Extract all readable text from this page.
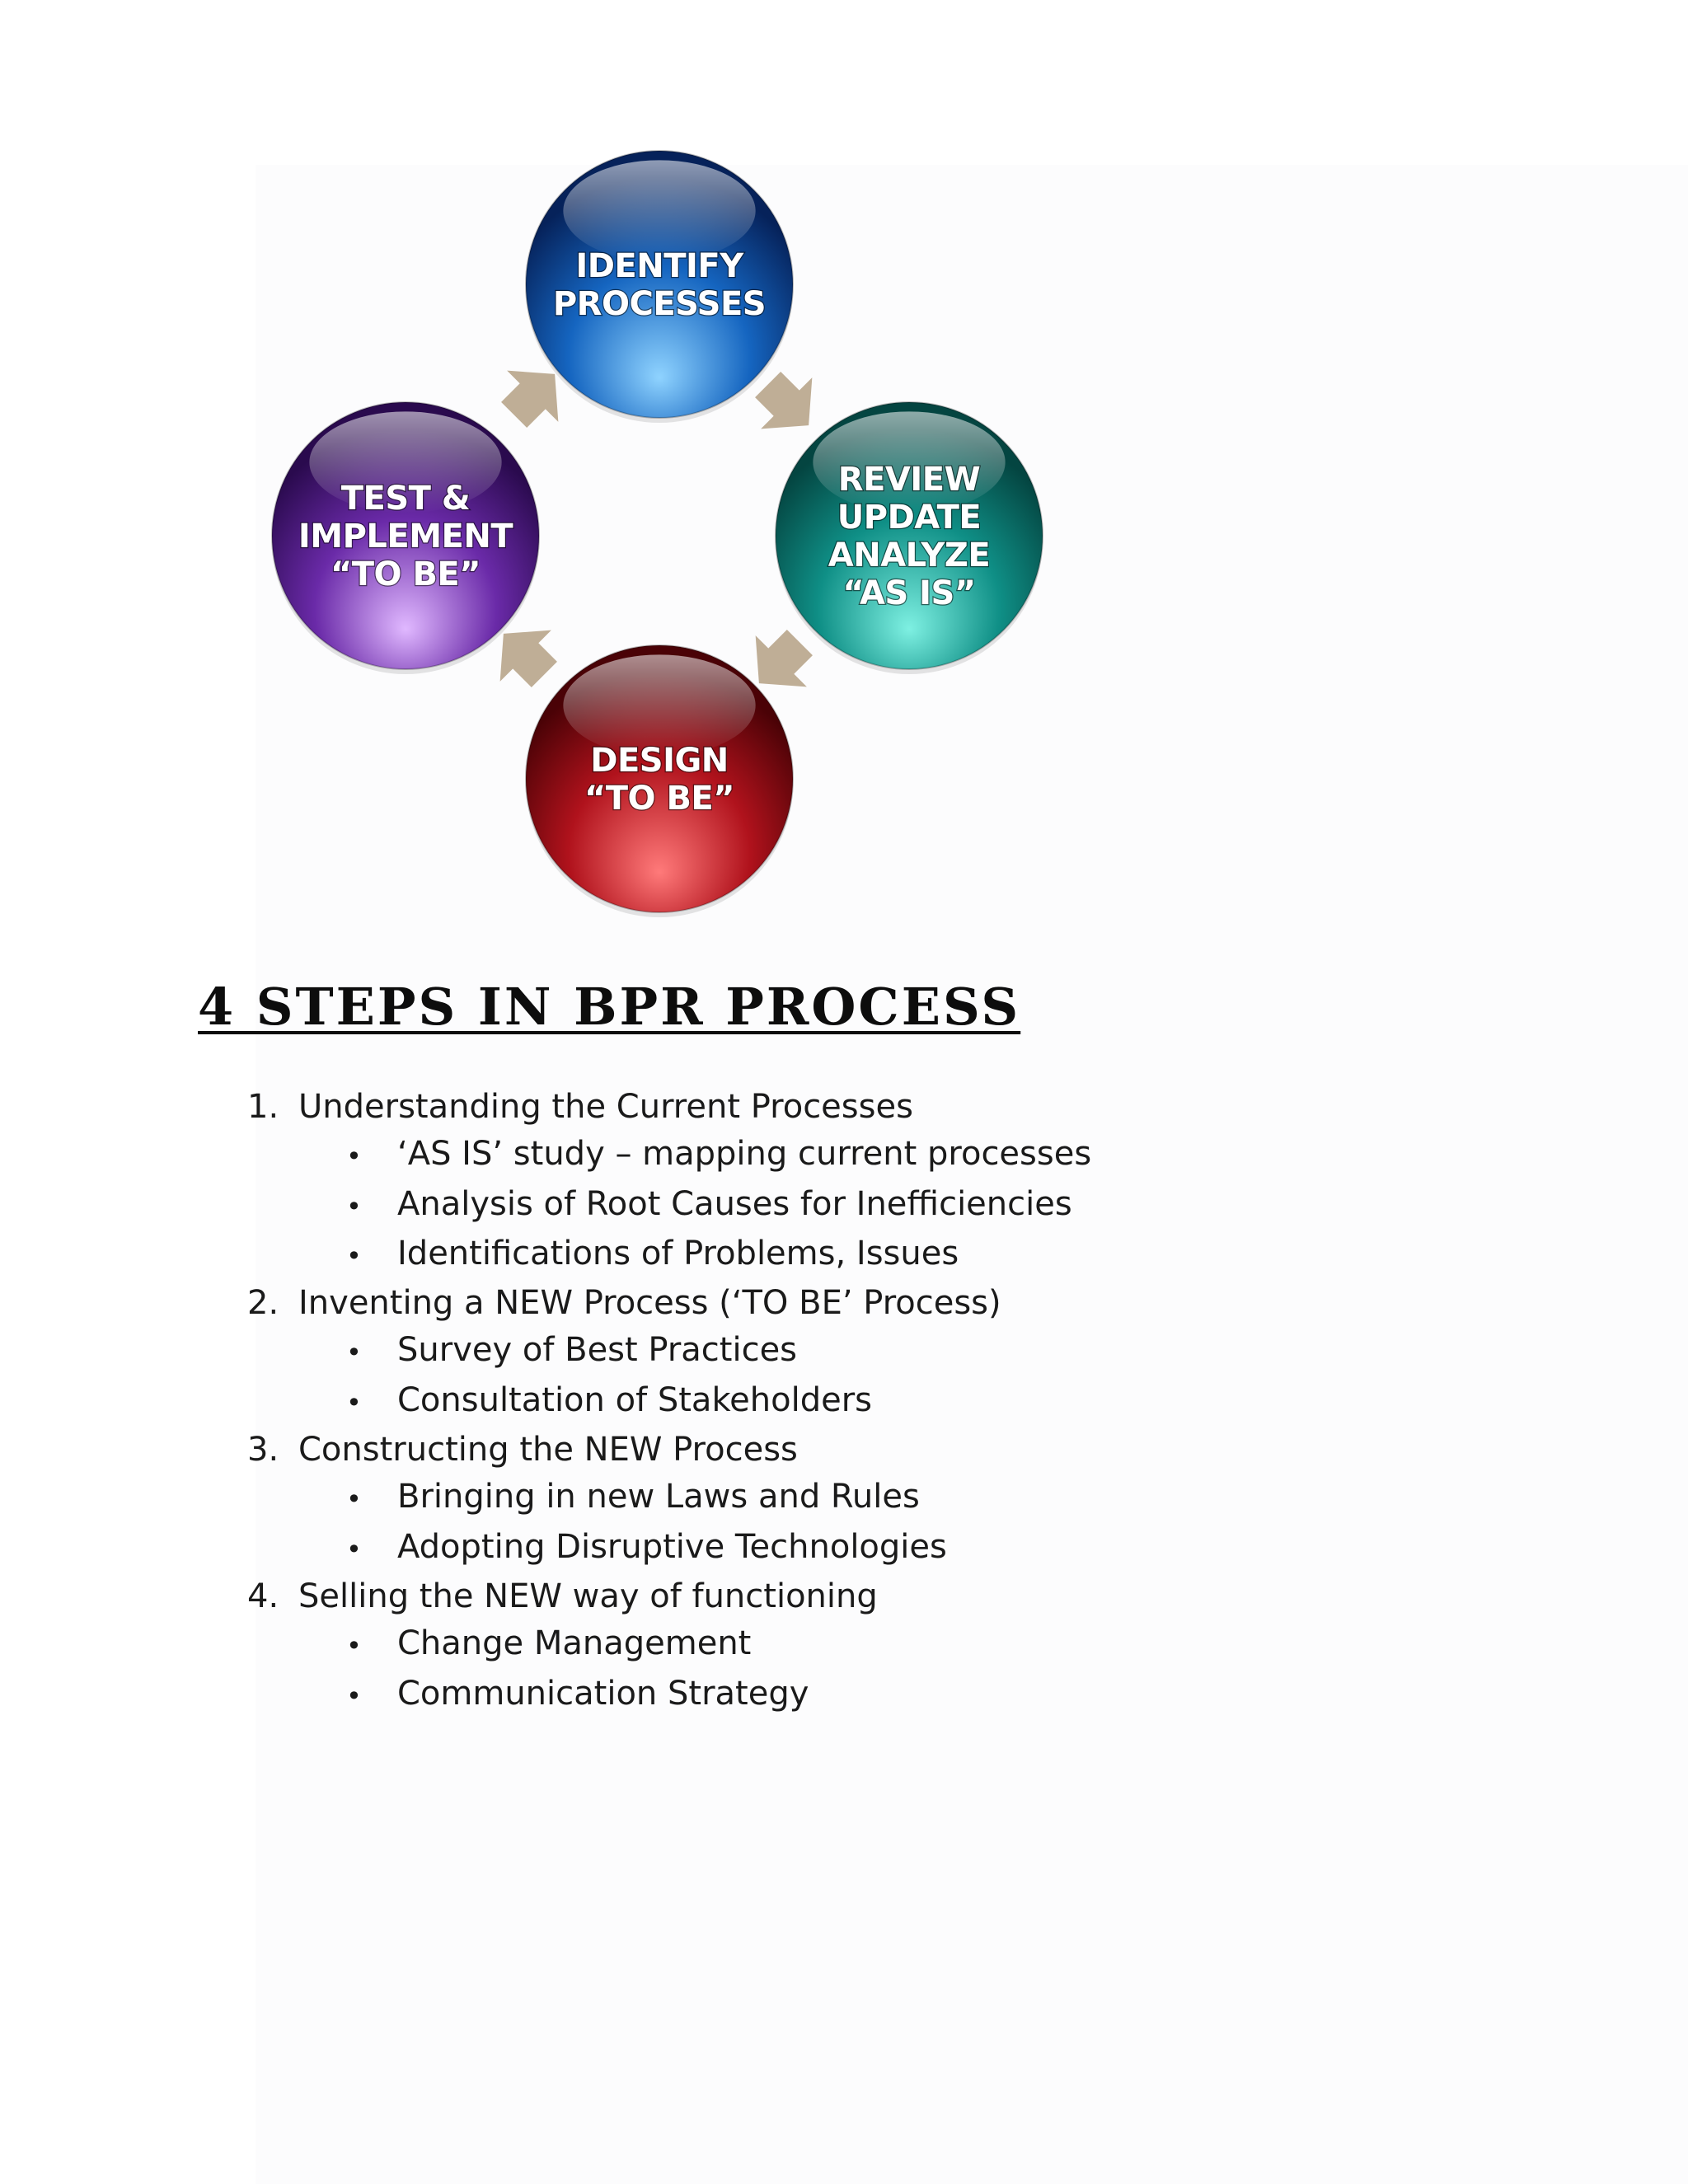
IDENTIFY
PROCESSES
REVIEW
UPDATE
ANALYZE
“AS IS”
DESIGN
“TO BE”
TEST &
IMPLEMENT
“TO BE”
4 STEPS IN BPR PROCESS
1. Understanding the Current Processes
•	‘AS IS’ study – mapping current processes
•	Analysis of Root Causes for Inefficiencies
•	Identifications of Problems, Issues
2. Inventing a NEW Process (‘TO BE’ Process)
•	Survey of Best Practices
•	Consultation of Stakeholders
3. Constructing the NEW Process
•	Bringing in new Laws and Rules
•	Adopting Disruptive Technologies
4. Selling the NEW way of functioning
•	Change Management
•	Communication Strategy
